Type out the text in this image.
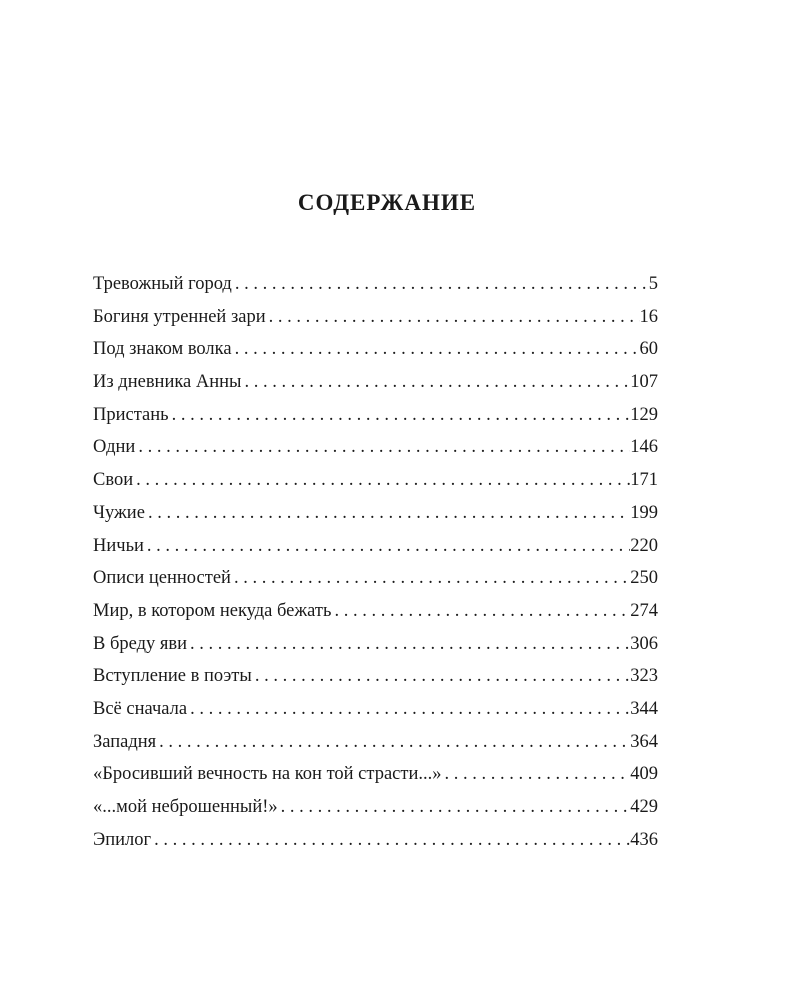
СОДЕРЖАНИЕ
Тревожный город . . .	5
Богиня утренней зари . . .	16
Под знаком волка . . .	60
Из дневника Анны . . .	107
Пристань . . .	129
Одни . . .	146
Свои . . .	171
Чужие . . .	199
Ничьи . . .	220
Описи ценностей . . .	250
Мир, в котором некуда бежать . . .	274
В бреду яви . . .	306
Вступление в поэты . . .	323
Всё сначала . . .	344
Западня . . .	364
«Бросивший вечность на кон той страсти...» . . .	409
«...мой неброшенный!» . . .	429
Эпилог . . .	436
